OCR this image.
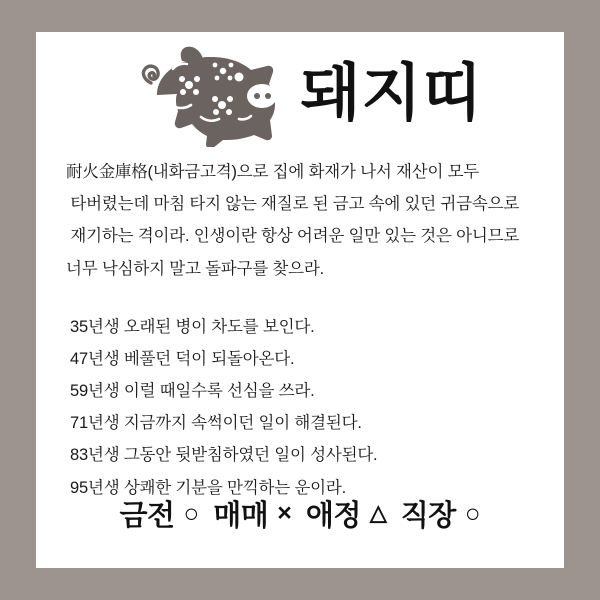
돼지띠
耐火金庫格(내화금고격)으로 집에 화재가 나서 재산이 모두
타버렸는데 마침 타지 않는 재질로 된 금고 속에 있던 귀금속으로
재기하는 격이라. 인생이란 항상 어려운 일만 있는 것은 아니므로
너무 낙심하지 말고 돌파구를 찾으라.
35년생 오래된 병이 차도를 보인다.
47년생 베풀던 덕이 되돌아온다.
59년생 이럴 때일수록 선심을 쓰라.
71년생 지금까지 속썩이던 일이 해결된다.
83년생 그동안 뒷받침하였던 일이 성사된다.
95년생 상쾌한 기분을 만끽하는 운이라.
금전 ○ 매매 × 애정 △ 직장 ○
